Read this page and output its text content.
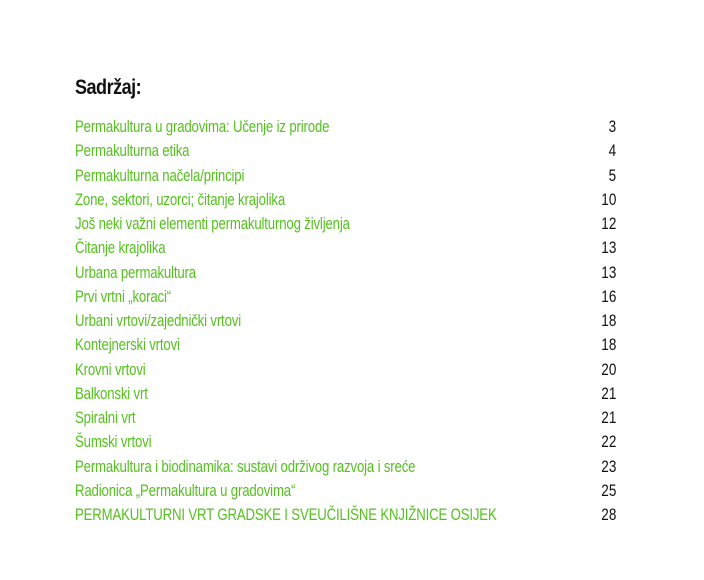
Sadržaj:
Permakultura u gradovima: Učenje iz prirode	3
Permakulturna etika	4
Permakulturna načela/principi	5
Zone, sektori, uzorci; čitanje krajolika	10
Još neki važni elementi permakulturnog življenja	12
Čitanje krajolika	13
Urbana permakultura	13
Prvi vrtni „koraci“	16
Urbani vrtovi/zajednički vrtovi	18
Kontejnerski vrtovi	18
Krovni vrtovi	20
Balkonski vrt	21
Spiralni vrt	21
Šumski vrtovi	22
Permakultura i biodinamika: sustavi održivog razvoja i sreće	23
Radionica „Permakultura u gradovima“	25
PERMAKULTURNI VRT GRADSKE I SVEUČILIŠNE KNJIŽNICE OSIJEK	28
